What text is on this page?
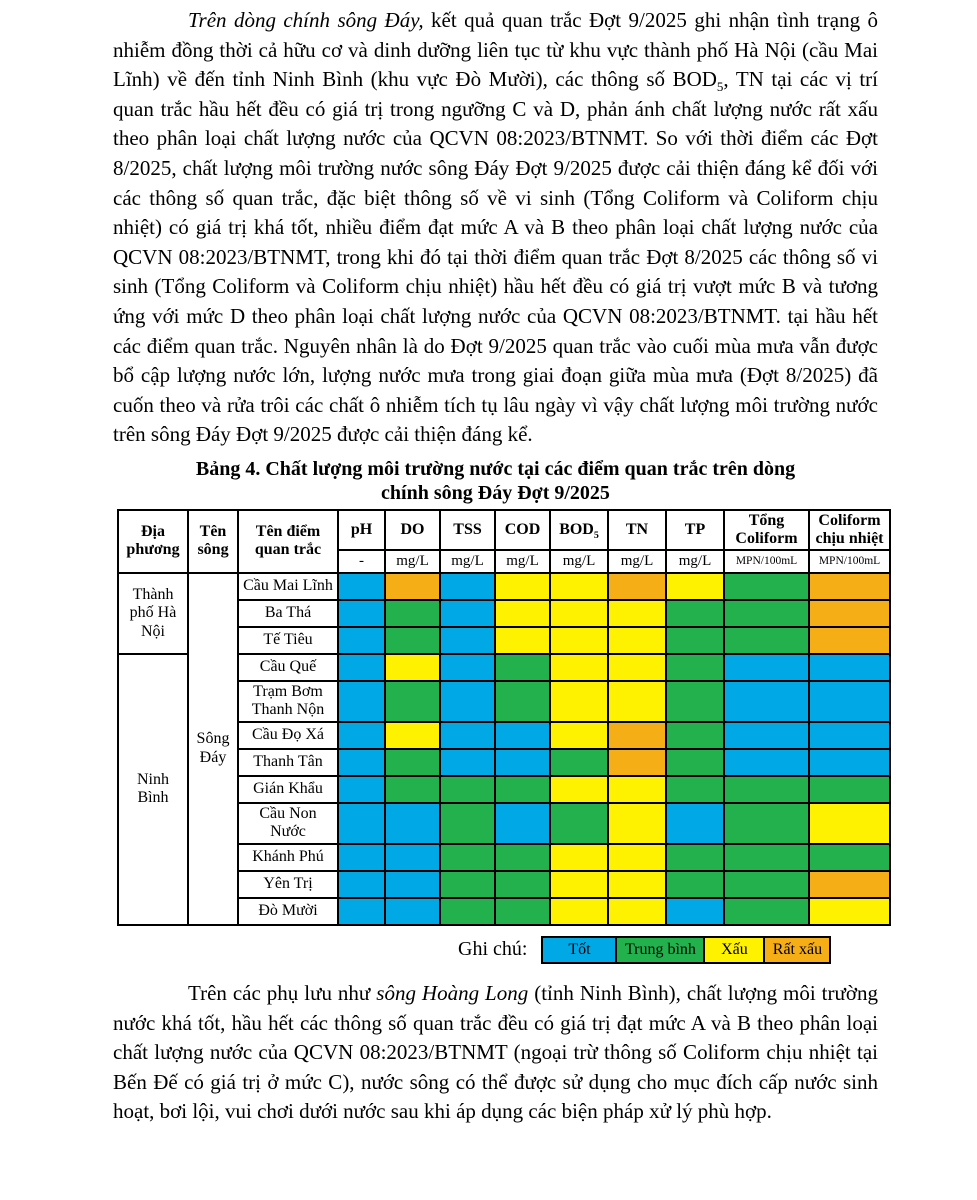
Trên dòng chính sông Đáy, kết quả quan trắc Đợt 9/2025 ghi nhận tình trạng ô nhiễm đồng thời cả hữu cơ và dinh dưỡng liên tục từ khu vực thành phố Hà Nội (cầu Mai Lĩnh) về đến tỉnh Ninh Bình (khu vực Đò Mười), các thông số $BOD_5$, TN tại các vị trí quan trắc hầu hết đều có giá trị trong ngưỡng C và D, phản ánh chất lượng nước rất xấu theo phân loại chất lượng nước của QCVN 08:2023/BTNMT. So với thời điểm các Đợt 8/2025, chất lượng môi trường nước sông Đáy Đợt 9/2025 được cải thiện đáng kể đối với các thông số quan trắc, đặc biệt thông số về vi sinh (Tổng Coliform và Coliform chịu nhiệt) có giá trị khá tốt, nhiều điểm đạt mức A và B theo phân loại chất lượng nước của QCVN 08:2023/BTNMT, trong khi đó tại thời điểm quan trắc Đợt 8/2025 các thông số vi sinh (Tổng Coliform và Coliform chịu nhiệt) hầu hết đều có giá trị vượt mức B và tương ứng với mức D theo phân loại chất lượng nước của QCVN 08:2023/BTNMT. tại hầu hết các điểm quan trắc. Nguyên nhân là do Đợt 9/2025 quan trắc vào cuối mùa mưa vẫn được bổ cập lượng nước lớn, lượng nước mưa trong giai đoạn giữa mùa mưa (Đợt 8/2025) đã cuốn theo và rửa trôi các chất ô nhiễm tích tụ lâu ngày vì vậy chất lượng môi trường nước trên sông Đáy Đợt 9/2025 được cải thiện đáng kể.

Bảng 4. Chất lượng môi trường nước tại các điểm quan trắc trên dòng
chính sông Đáy Đợt 9/2025
Địa phương	Tên sông	Tên điểm quan trắc	pH	DO	TSS	COD	$BOD_5$	TN	TP	Tổng Coliform	Coliform chịu nhiệt
			-	mg/L	mg/L	mg/L	mg/L	mg/L	mg/L	MPN/100mL	MPN/100mL
Thành phố Hà Nội	Sông Đáy	Cầu Mai Lĩnh									
		Ba Thá									
		Tế Tiêu									
Ninh Bình		Cầu Quế									
		Trạm Bơm Thanh Nộn									
		Cầu Đọ Xá									
		Thanh Tân									
		Gián Khẩu									
		Cầu Non Nước									
		Khánh Phú									
		Yên Trị									
		Đò Mười									
Ghi chú:	Tốt	Trung bình	Xấu	Rất xấu

Trên các phụ lưu như sông Hoàng Long (tỉnh Ninh Bình), chất lượng môi trường nước khá tốt, hầu hết các thông số quan trắc đều có giá trị đạt mức A và B theo phân loại chất lượng nước của QCVN 08:2023/BTNMT (ngoại trừ thông số Coliform chịu nhiệt tại Bến Đế có giá trị ở mức C), nước sông có thể được sử dụng cho mục đích cấp nước sinh hoạt, bơi lội, vui chơi dưới nước sau khi áp dụng các biện pháp xử lý phù hợp.
